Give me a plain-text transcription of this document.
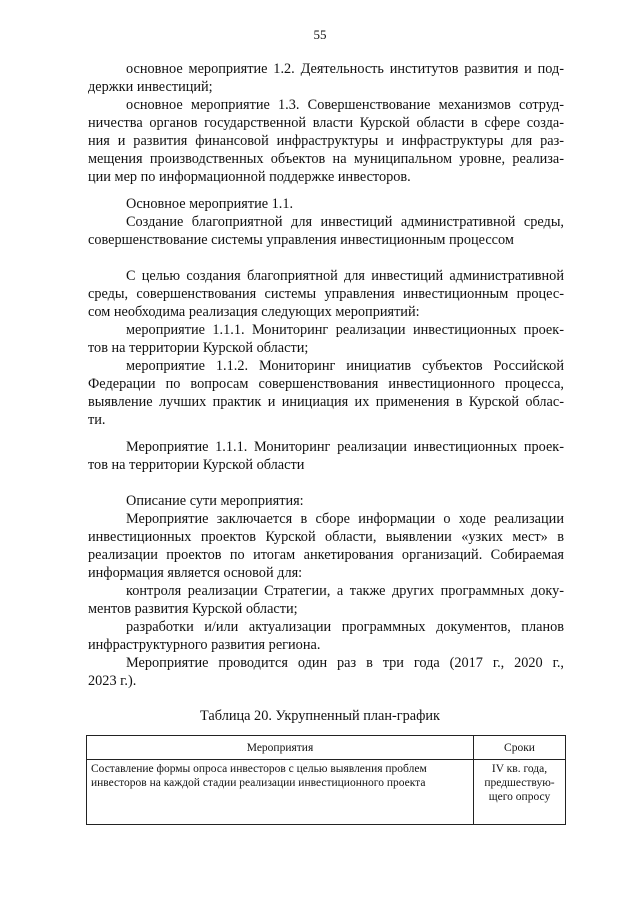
55
основное мероприятие 1.2. Деятельность институтов развития и под-
держки инвестиций;
основное мероприятие 1.3. Совершенствование механизмов сотруд-
ничества органов государственной власти Курской области в сфере созда-
ния и развития финансовой инфраструктуры и инфраструктуры для раз-
мещения производственных объектов на муниципальном уровне, реализа-
ции мер по информационной поддержке инвесторов.
Основное мероприятие 1.1.
Создание благоприятной для инвестиций административной среды,
совершенствование системы управления инвестиционным процессом
С целью создания благоприятной для инвестиций административной
среды, совершенствования системы управления инвестиционным процес-
сом необходима реализация следующих мероприятий:
мероприятие 1.1.1. Мониторинг реализации инвестиционных проек-
тов на территории Курской области;
мероприятие 1.1.2. Мониторинг инициатив субъектов Российской
Федерации по вопросам совершенствования инвестиционного процесса,
выявление лучших практик и инициация их применения в Курской облас-
ти.
Мероприятие 1.1.1. Мониторинг реализации инвестиционных проек-
тов на территории Курской области
Описание сути мероприятия:
Мероприятие заключается в сборе информации о ходе реализации
инвестиционных проектов Курской области, выявлении «узких мест» в
реализации проектов по итогам анкетирования организаций. Собираемая
информация является основой для:
контроля реализации Стратегии, а также других программных доку-
ментов развития Курской области;
разработки и/или актуализации программных документов, планов
инфраструктурного развития региона.
Мероприятие проводится один раз в три года (2017 г., 2020 г.,
2023 г.).
Таблица 20. Укрупненный план-график
Мероприятия	Сроки
Составление формы опроса инвесторов с целью выявления проблем инвесторов на каждой стадии реализации инвестиционного проекта	IV кв. года, предшествую-щего опросу
